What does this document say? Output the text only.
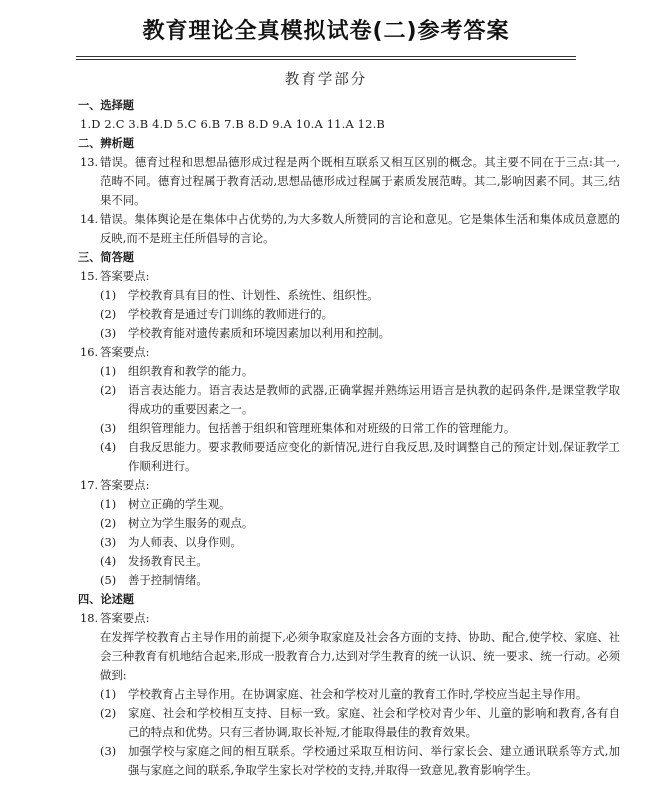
教育理论全真模拟试卷(二)参考答案
教育学部分
一、选择题
1.D 2.C 3.B 4.D 5.C 6.B 7.B 8.D 9.A 10.A 11.A 12.B
二、辨析题
13. 错误。德育过程和思想品德形成过程是两个既相互联系又相互区别的概念。其主要不同在于三点:其一,范畴不同。德育过程属于教育活动,思想品德形成过程属于素质发展范畴。其二,影响因素不同。其三,结果不同。
14. 错误。集体舆论是在集体中占优势的,为大多数人所赞同的言论和意见。它是集体生活和集体成员意愿的反映,而不是班主任所倡导的言论。
三、简答题
15. 答案要点:
(1)	学校教育具有目的性、计划性、系统性、组织性。
(2)	学校教育是通过专门训练的教师进行的。
(3)	学校教育能对遗传素质和环境因素加以利用和控制。
16. 答案要点:
(1)	组织教育和教学的能力。
(2)	语言表达能力。语言表达是教师的武器,正确掌握并熟练运用语言是执教的起码条件,是课堂教学取得成功的重要因素之一。
(3)	组织管理能力。包括善于组织和管理班集体和对班级的日常工作的管理能力。
(4)	自我反思能力。要求教师要适应变化的新情况,进行自我反思,及时调整自己的预定计划,保证教学工作顺利进行。
17. 答案要点:
(1)	树立正确的学生观。
(2)	树立为学生服务的观点。
(3)	为人师表、以身作则。
(4)	发扬教育民主。
(5)	善于控制情绪。
四、论述题
18. 答案要点:
在发挥学校教育占主导作用的前提下,必须争取家庭及社会各方面的支持、协助、配合,使学校、家庭、社会三种教育有机地结合起来,形成一股教育合力,达到对学生教育的统一认识、统一要求、统一行动。必须做到:
(1)	学校教育占主导作用。在协调家庭、社会和学校对儿童的教育工作时,学校应当起主导作用。
(2)	家庭、社会和学校相互支持、目标一致。家庭、社会和学校对青少年、儿童的影响和教育,各有自己的特点和优势。只有三者协调,取长补短,才能取得最佳的教育效果。
(3)	加强学校与家庭之间的相互联系。学校通过采取互相访问、举行家长会、建立通讯联系等方式,加强与家庭之间的联系,争取学生家长对学校的支持,并取得一致意见,教育影响学生。
